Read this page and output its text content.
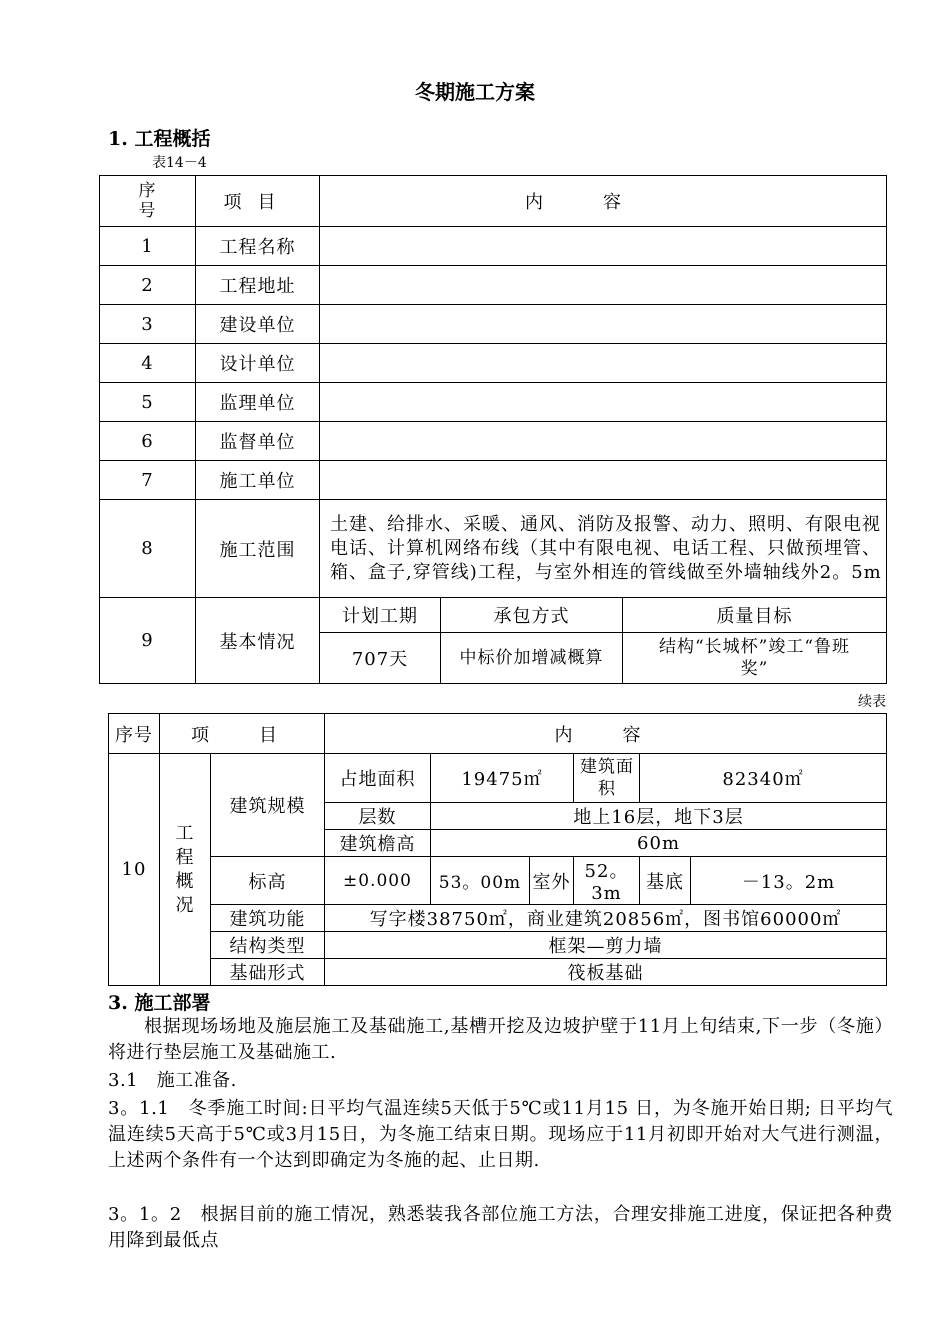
冬期施工方案
1. 工程概括
表14－4
序号	项目	内容		
1	工程名称			
2	工程地址			
3	建设单位			
4	设计单位			
5	监理单位			
6	监督单位			
7	施工单位			
8	施工范围	土建、给排水、采暖、通风、消防及报警、动力、照明、有限电视电话、计算机网络布线（其中有限电视、电话工程、只做预埋管、箱、盒子,穿管线)工程，与室外相连的管线做至外墙轴线外2。5m		
9	基本情况	计划工期	承包方式	质量目标
		707天	中标价加增减概算	结构“长城杯”竣工“鲁班奖”
续表
序号	项　目		内　容					
10	工程概况	建筑规模	占地面积	19475㎡		建筑面积	82340㎡	
			层数	地上16层，地下3层				
			建筑檐高	60m				
		标高	±0.000	53。00m	室外	52。3m	基底	－13。2m
		建筑功能	写字楼38750㎡，商业建筑20856㎡，图书馆60000㎡					
		结构类型	框架—剪力墙					
		基础形式	筏板基础					
3. 施工部署
根据现场场地及施层施工及基础施工,基槽开挖及边坡护壁于11月上旬结束,下一步（冬施）将进行垫层施工及基础施工.
3.1　施工准备.
3。1.1　冬季施工时间:日平均气温连续5天低于5℃或11月15 日，为冬施开始日期; 日平均气温连续5天高于5℃或3月15日，为冬施工结束日期。现场应于11月初即开始对大气进行测温，上述两个条件有一个达到即确定为冬施的起、止日期.
3。1。2　根据目前的施工情况，熟悉装我各部位施工方法，合理安排施工进度，保证把各种费用降到最低点
